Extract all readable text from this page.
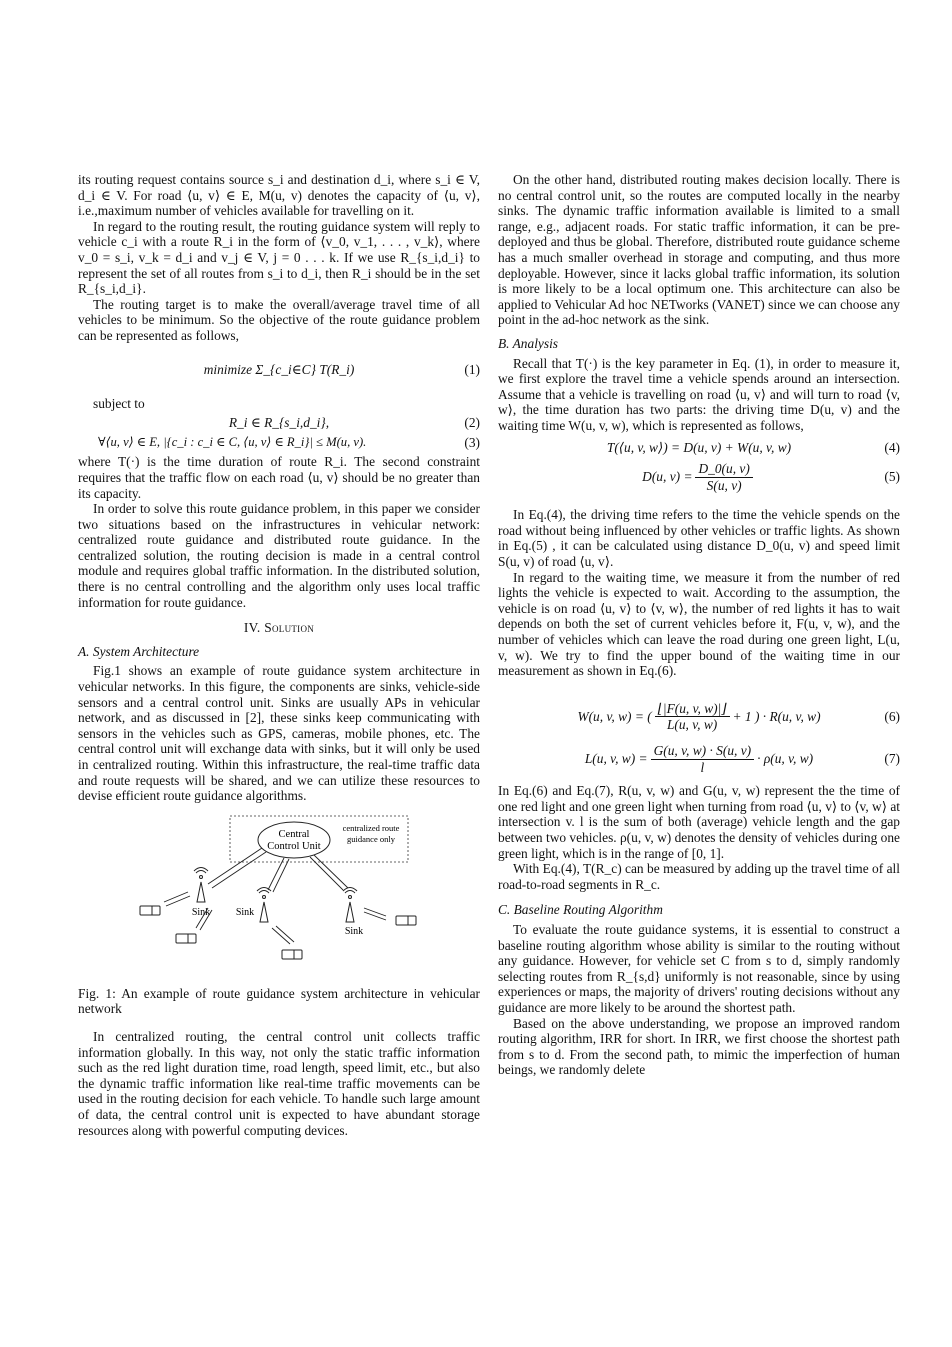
its routing request contains source s_i and destination d_i, where s_i ∈ V, d_i ∈ V. For road ⟨u, v⟩ ∈ E, M(u, v) denotes the capacity of ⟨u, v⟩, i.e.,maximum number of vehicles available for travelling on it.

In regard to the routing result, the routing guidance system will reply to vehicle c_i with a route R_i in the form of ⟨v_0, v_1, . . . , v_k⟩, where v_0 = s_i, v_k = d_i and v_j ∈ V, j = 0 . . . k. If we use R_{s_i,d_i} to represent the set of all routes from s_i to d_i, then R_i should be in the set R_{s_i,d_i}.

The routing target is to make the overall/average travel time of all vehicles to be minimum. So the objective of the route guidance problem can be represented as follows,

minimize Σ_{c_i∈C} T(R_i)	(1)

subject to

R_i ∈ R_{s_i,d_i},	(2)
∀⟨u, v⟩ ∈ E, |{c_i : c_i ∈ C, ⟨u, v⟩ ∈ R_i}| ≤ M(u, v).	(3)

where T(·) is the time duration of route R_i. The second constraint requires that the traffic flow on each road ⟨u, v⟩ should be no greater than its capacity.

In order to solve this route guidance problem, in this paper we consider two situations based on the infrastructures in vehicular network: centralized route guidance and distributed route guidance. In the centralized solution, the routing decision is made in a central control module and requires global traffic information. In the distributed solution, there is no central controlling and the algorithm only uses local traffic information for route guidance.

IV. Solution
A. System Architecture

Fig.1 shows an example of route guidance system architecture in vehicular networks. In this figure, the components are sinks, vehicle-side sensors and a central control unit. Sinks are usually APs in vehicular network, and as discussed in [2], these sinks keep communicating with sensors in the vehicles such as GPS, cameras, mobile phones, etc. The central control unit will exchange data with sinks, but it will only be used in centralized routing. Within this infrastructure, the real-time traffic data and route requests will be shared, and we can utilize these resources to devise efficient route guidance algorithms.

Central
Control Unit
centralized route
guidance only
Sink	Sink
Sink

Fig. 1: An example of route guidance system architecture in vehicular network

In centralized routing, the central control unit collects traffic information globally. In this way, not only the static traffic information such as the red light duration time, road length, speed limit, etc., but also the dynamic traffic information like real-time traffic movements can be used in the routing decision for each vehicle. To handle such large amount of data, the central control unit is expected to have abundant storage resources along with powerful computing devices.

On the other hand, distributed routing makes decision locally. There is no central control unit, so the routes are computed locally in the nearby sinks. The dynamic traffic information available is limited to a small range, e.g., adjacent roads. For static traffic information, it can be pre-deployed and thus be global. Therefore, distributed route guidance scheme has a much smaller overhead in storage and computing, and thus more deployable. However, since it lacks global traffic information, its solution is more likely to be a local optimum one. This architecture can also be applied to Vehicular Ad hoc NETworks (VANET) since we can choose any point in the ad-hoc network as the sink.

B. Analysis

Recall that T(·) is the key parameter in Eq. (1), in order to measure it, we first explore the travel time a vehicle spends around an intersection. Assume that a vehicle is travelling on road ⟨u, v⟩ and will turn to road ⟨v, w⟩, the time duration has two parts: the driving time D(u, v) and the waiting time W(u, v, w), which is represented as follows,

T(⟨u, v, w⟩) = D(u, v) + W(u, v, w)	(4)
D(u, $v) = \frac{D\_0(u, v)}{S(u, v)}$	(5)

In Eq.(4), the driving time refers to the time the vehicle spends on the road without being influenced by other vehicles or traffic lights. As shown in Eq.(5) , it can be calculated using distance D_0(u, v) and speed limit S(u, v) of road ⟨u, v⟩.

In regard to the waiting time, we measure it from the number of red lights the vehicle is expected to wait. According to the assumption, the vehicle is on road ⟨u, v⟩ to ⟨v, w⟩, the number of red lights it has to wait depends on both the set of current vehicles before it, F(u, v, w), and the number of vehicles which can leave the road during one green light, L(u, v, w). We try to find the upper bound of the waiting time in our measurement as shown in Eq.(6).

W(u, v, w) = ( $\frac{⌊|F(u, v, w)|⌋}{L(u, v, w)} + 1$ ) · R(u, v, w)	(6)
L(u, v, $w) = \frac{G(u, v, w) \cdot S(u, v)}{l} \cdot \rho(u$, v, w)	(7)

In Eq.(6) and Eq.(7), R(u, v, w) and G(u, v, w) represent the the time of one red light and one green light when turning from road ⟨u, v⟩ to ⟨v, w⟩ at intersection v. l is the sum of both (average) vehicle length and the gap between two vehicles. ρ(u, v, w) denotes the density of vehicles during one green light, which is in the range of [0, 1].

With Eq.(4), T(R_c) can be measured by adding up the travel time of all road-to-road segments in R_c.

C. Baseline Routing Algorithm

To evaluate the route guidance systems, it is essential to construct a baseline routing algorithm whose ability is similar to the routing without any guidance. However, for vehicle set C from s to d, simply randomly selecting routes from R_{s,d} uniformly is not reasonable, since by using experiences or maps, the majority of drivers' routing decisions without any guidance are more likely to be around the shortest path.

Based on the above understanding, we propose an improved random routing algorithm, IRR for short. In IRR, we first choose the shortest path from s to d. From the second path, to mimic the imperfection of human beings, we randomly delete
